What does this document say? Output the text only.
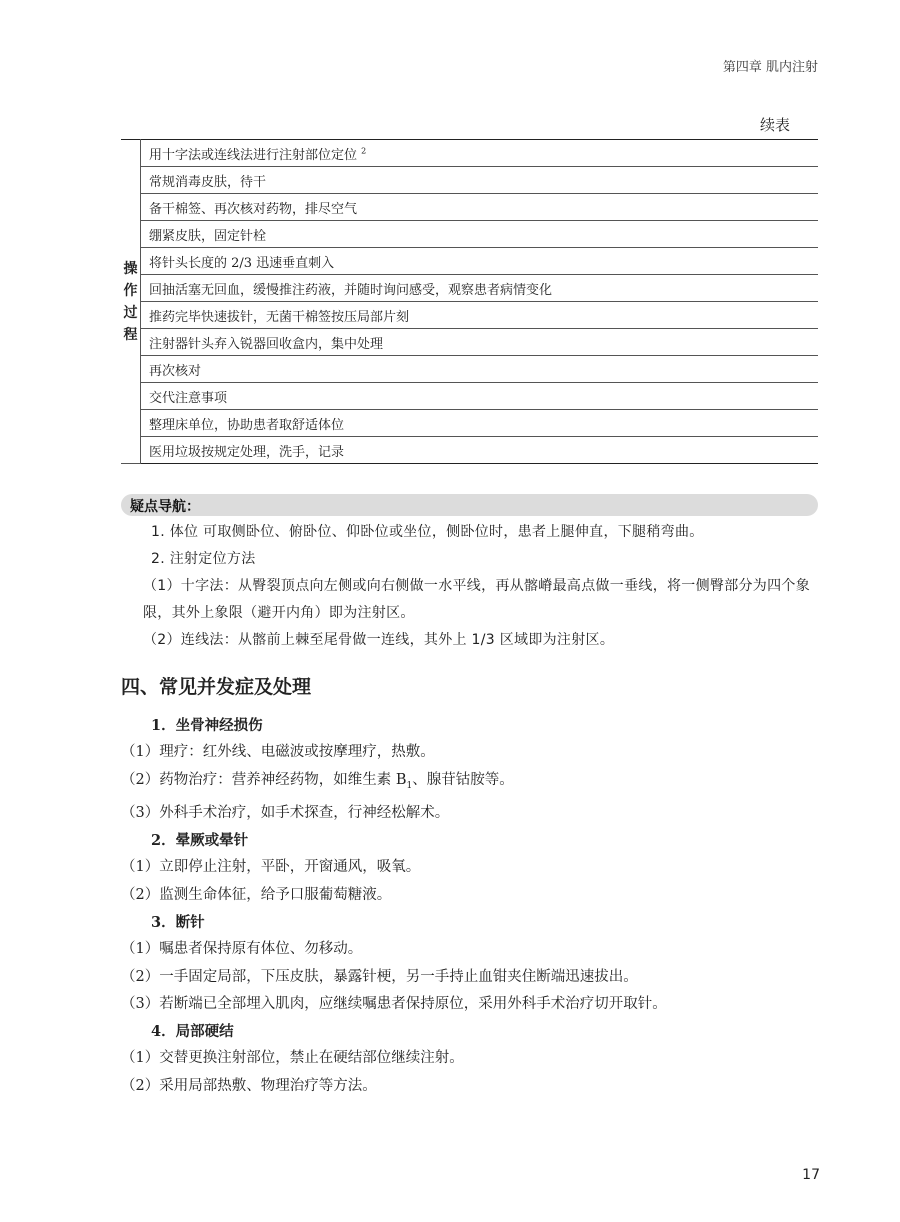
第四章 肌内注射
续表
操
作
过
程
	用十字法或连线法进行注射部位定位 $^2$
常规消毒皮肤，待干
备干棉签、再次核对药物，排尽空气
绷紧皮肤，固定针栓
将针头长度的 2/3 迅速垂直刺入
回抽活塞无回血，缓慢推注药液，并随时询问感受，观察患者病情变化
推药完毕快速拔针，无菌干棉签按压局部片刻
注射器针头弃入锐器回收盒内，集中处理
再次核对
交代注意事项
整理床单位，协助患者取舒适体位
医用垃圾按规定处理，洗手，记录
疑点导航：

1. 体位 可取侧卧位、俯卧位、仰卧位或坐位，侧卧位时，患者上腿伸直，下腿稍弯曲。

2. 注射定位方法

（1）十字法：从臀裂顶点向左侧或向右侧做一水平线，再从髂嵴最高点做一垂线，将一侧臀部分为四个象限，其外上象限（避开内角）即为注射区。

（2）连线法：从髂前上棘至尾骨做一连线，其外上 1/3 区域即为注射区。

四、常见并发症及处理

1．坐骨神经损伤

（1）理疗：红外线、电磁波或按摩理疗，热敷。

（2）药物治疗：营养神经药物，如维生素 $B_1$、腺苷钴胺等。

（3）外科手术治疗，如手术探查，行神经松解术。

2．晕厥或晕针

（1）立即停止注射，平卧，开窗通风，吸氧。

（2）监测生命体征，给予口服葡萄糖液。

3．断针

（1）嘱患者保持原有体位、勿移动。

（2）一手固定局部，下压皮肤，暴露针梗，另一手持止血钳夹住断端迅速拔出。

（3）若断端已全部埋入肌肉，应继续嘱患者保持原位，采用外科手术治疗切开取针。

4．局部硬结

（1）交替更换注射部位，禁止在硬结部位继续注射。

（2）采用局部热敷、物理治疗等方法。

17
